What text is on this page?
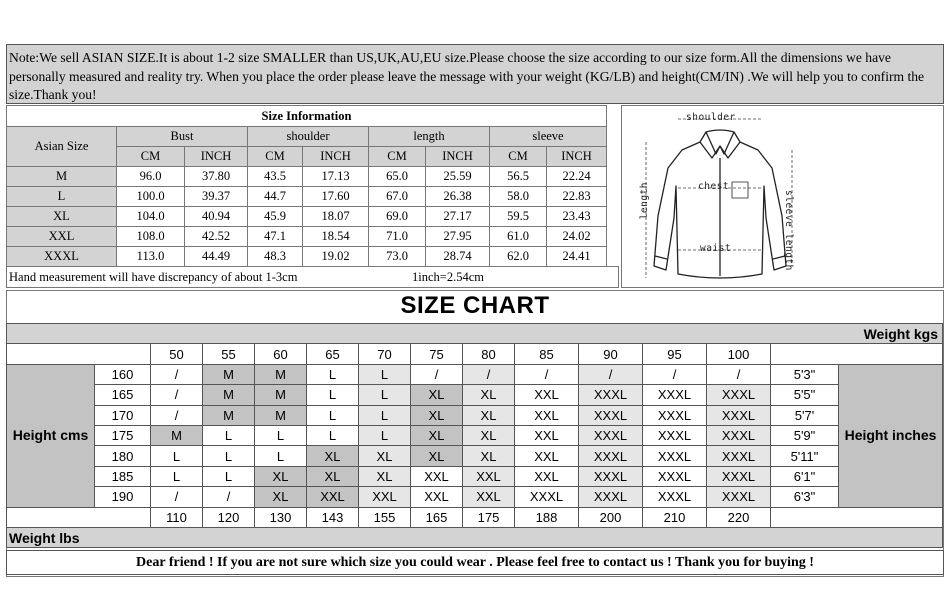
Note:We sell ASIAN SIZE.It is about 1-2 size SMALLER than US,UK,AU,EU size.Please choose the size according to our size form.All the dimensions we have personally measured and reality try. When you place the order please leave the message with your weight (KG/LB) and height(CM/IN) .We will help you to confirm the size.Thank you!
Size Information								
Asian Size	Bust		shoulder		length		sleeve	
	CM	INCH	CM	INCH	CM	INCH	CM	INCH
M	96.0	37.80	43.5	17.13	65.0	25.59	56.5	22.24
L	100.0	39.37	44.7	17.60	67.0	26.38	58.0	22.83
XL	104.0	40.94	45.9	18.07	69.0	27.17	59.5	23.43
XXL	108.0	42.52	47.1	18.54	71.0	27.95	61.0	24.02
XXXL	113.0	44.49	48.3	19.02	73.0	28.74	62.0	24.41
Hand measurement will have discrepancy of about 1-3cm	1inch=2.54cm
shoulder
chest
waist
length	sleeve length
SIZE CHART
Weight kgs														
		50	55	60	65	70	75	80	85	90	95	100		
Height cms	160	/	M	M	L	L	/	/	/	/	/	/	5'3"	Height inches
	165	/	M	M	L	L	XL	XL	XXL	XXXL	XXXL	XXXL	5'5"	
	170	/	M	M	L	L	XL	XL	XXL	XXXL	XXXL	XXXL	5'7'	
	175	M	L	L	L	L	XL	XL	XXL	XXXL	XXXL	XXXL	5'9"	
	180	L	L	L	XL	XL	XL	XL	XXL	XXXL	XXXL	XXXL	5'11"	
	185	L	L	XL	XL	XL	XXL	XXL	XXL	XXXL	XXXL	XXXL	6'1"	
	190	/	/	XL	XXL	XXL	XXL	XXL	XXXL	XXXL	XXXL	XXXL	6'3"	
		110	120	130	143	155	165	175	188	200	210	220		
Weight lbs														
Dear friend ! If you are not sure which size you could wear . Please feel free to contact us ! Thank you for buying !
